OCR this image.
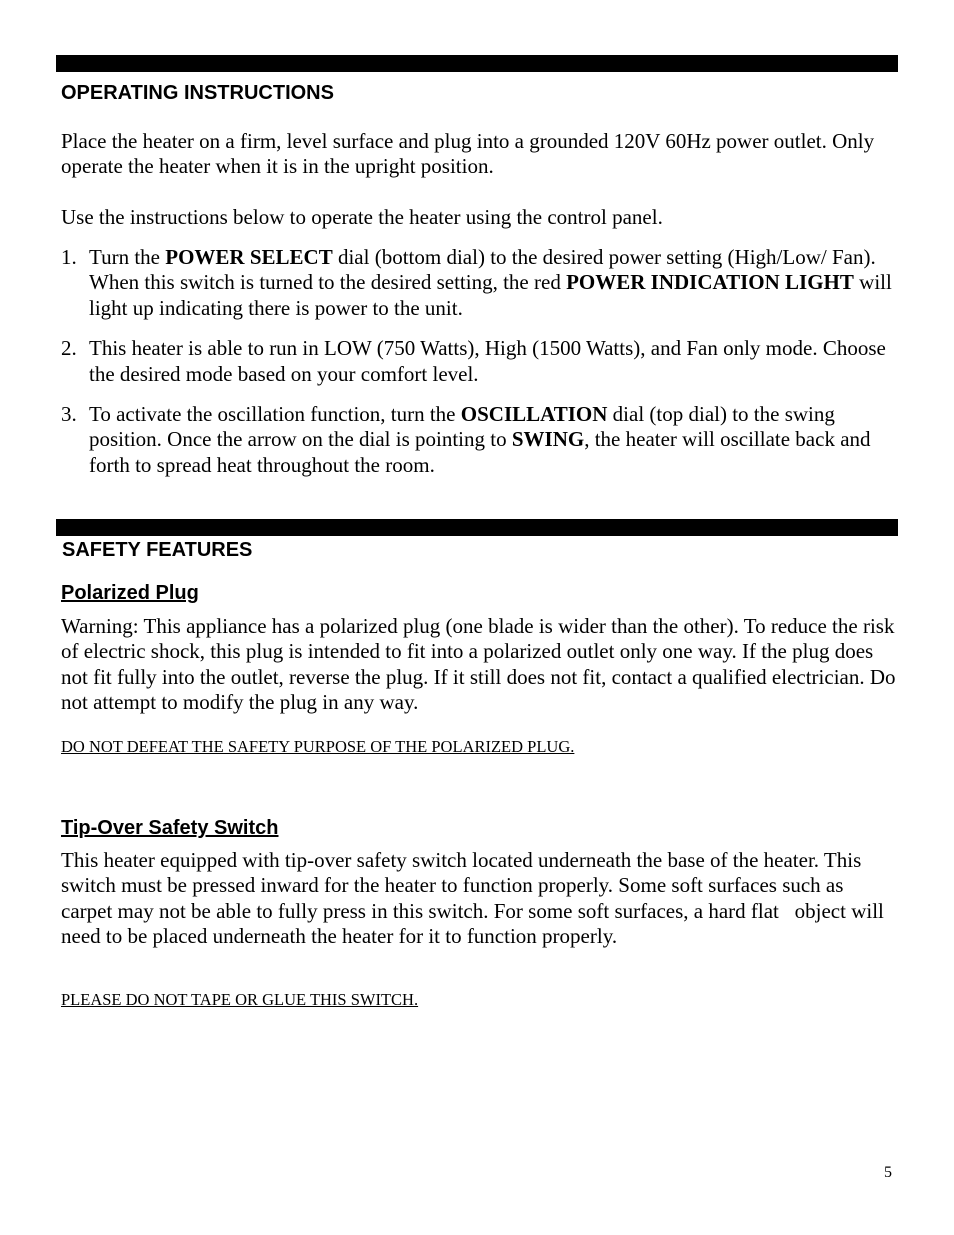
OPERATING INSTRUCTIONS
Place the heater on a firm, level surface and plug into a grounded 120V 60Hz power outlet. Only operate the heater when it is in the upright position.
Use the instructions below to operate the heater using the control panel.
1. Turn the POWER SELECT dial (bottom dial) to the desired power setting (High/Low/ Fan). When this switch is turned to the desired setting, the red POWER INDICATION LIGHT will light up indicating there is power to the unit.
2. This heater is able to run in LOW (750 Watts), High (1500 Watts), and Fan only mode. Choose the desired mode based on your comfort level.
3. To activate the oscillation function, turn the OSCILLATION dial (top dial) to the swing position. Once the arrow on the dial is pointing to SWING, the heater will oscillate back and forth to spread heat throughout the room.
SAFETY FEATURES
Polarized Plug
Warning: This appliance has a polarized plug (one blade is wider than the other). To reduce the risk of electric shock, this plug is intended to fit into a polarized outlet only one way. If the plug does not fit fully into the outlet, reverse the plug. If it still does not fit, contact a qualified electrician. Do not attempt to modify the plug in any way.
DO NOT DEFEAT THE SAFETY PURPOSE OF THE POLARIZED PLUG.
Tip-Over Safety Switch
This heater equipped with tip-over safety switch located underneath the base of the heater. This switch must be pressed inward for the heater to function properly. Some soft surfaces such as carpet may not be able to fully press in this switch. For some soft surfaces, a hard flat   object will need to be placed underneath the heater for it to function properly.
PLEASE DO NOT TAPE OR GLUE THIS SWITCH.
5
